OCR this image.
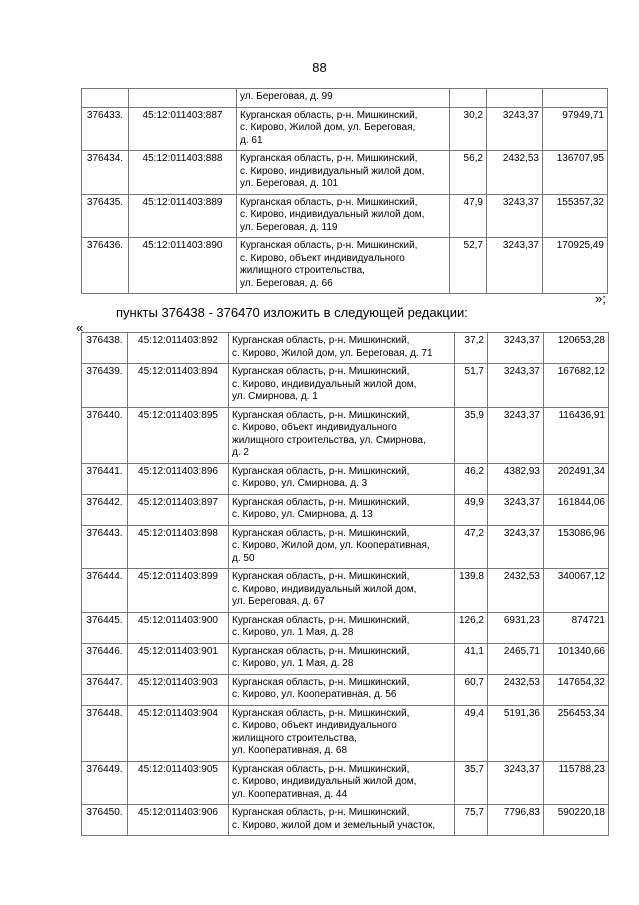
88

		ул. Береговая, д. 99			

376433.	45:12:011403:887	Курганская область, р-н. Мишкинский,
с. Кирово, Жилой дом, ул. Береговая,
д. 61	30,2	3243,37	97949,71
376434.	45:12:011403:888	Курганская область, р-н. Мишкинский,
с. Кирово, индивидуальный жилой дом,
ул. Береговая, д. 101	56,2	2432,53	136707,95
376435.	45:12:011403:889	Курганская область, р-н. Мишкинский,
с. Кирово, индивидуальный жилой дом,
ул. Береговая, д. 119	47,9	3243,37	155357,32
376436.	45:12:011403:890	Курганская область, р-н. Мишкинский,
с. Кирово, объект индивидуального
жилищного строительства,
ул. Береговая, д. 66	52,7	3243,37	170925,49
»;
пункты 376438 - 376470 изложить в следующей редакции:
«
376438.	45:12:011403:892	Курганская область, р-н. Мишкинский,
с. Кирово, Жилой дом, ул. Береговая, д. 71	37,2	3243,37	120653,28
376439.	45:12:011403:894	Курганская область, р-н. Мишкинский,
с. Кирово, индивидуальный жилой дом,
ул. Смирнова, д. 1	51,7	3243,37	167682,12
376440.	45:12:011403:895	Курганская область, р-н. Мишкинский,
с. Кирово, объект индивидуального
жилищного строительства, ул. Смирнова,
д. 2	35,9	3243,37	116436,91
376441.	45:12:011403:896	Курганская область, р-н. Мишкинский,
с. Кирово, ул. Смирнова, д. 3	46,2	4382,93	202491,34
376442.	45:12:011403:897	Курганская область, р-н. Мишкинский,
с. Кирово, ул. Смирнова, д. 13	49,9	3243,37	161844,06
376443.	45:12:011403:898	Курганская область, р-н. Мишкинский,
с. Кирово, Жилой дом, ул. Кооперативная,
д. 50	47,2	3243,37	153086,96
376444.	45:12:011403:899	Курганская область, р-н. Мишкинский,
с. Кирово, индивидуальный жилой дом,
ул. Береговая, д. 67	139,8	2432,53	340067,12
376445.	45:12:011403:900	Курганская область, р-н. Мишкинский,
с. Кирово, ул. 1 Мая, д. 28	126,2	6931,23	874721
376446.	45:12:011403:901	Курганская область, р-н. Мишкинский,
с. Кирово, ул. 1 Мая, д. 28	41,1	2465,71	101340,66
376447.	45:12:011403:903	Курганская область, р-н. Мишкинский,
с. Кирово, ул. Кооперативная, д. 56	60,7	2432,53	147654,32
376448.	45:12:011403:904	Курганская область, р-н. Мишкинский,
с. Кирово, объект индивидуального
жилищного строительства,
ул. Кооперативная, д. 68	49,4	5191,36	256453,34
376449.	45:12:011403:905	Курганская область, р-н. Мишкинский,
с. Кирово, индивидуальный жилой дом,
ул. Кооперативная, д. 44	35,7	3243,37	115788,23
376450.	45:12:011403:906	Курганская область, р-н. Мишкинский,
с. Кирово, жилой дом и земельный участок,	75,7	7796,83	590220,18
